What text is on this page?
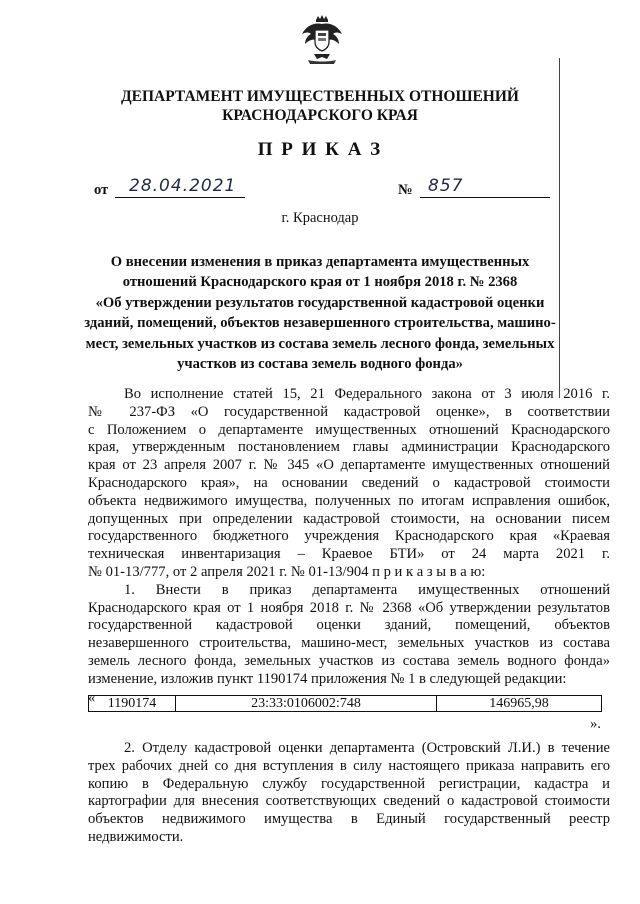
ДЕПАРТАМЕНТ ИМУЩЕСТВЕННЫХ ОТНОШЕНИЙ
КРАСНОДАРСКОГО КРАЯ
П Р И К А З
от 28.04.2021	№ 857
г. Краснодар
О внесении изменения в приказ департамента имущественных
отношений Краснодарского края от 1 ноября 2018 г. № 2368
«Об утверждении результатов государственной кадастровой оценки
зданий, помещений, объектов незавершенного строительства, машино-
мест, земельных участков из состава земель лесного фонда, земельных
участков из состава земель водного фонда»
Во исполнение статей 15, 21 Федерального закона от 3 июля 2016 г.
№ 237-ФЗ «О государственной кадастровой оценке», в соответствии
с Положением о департаменте имущественных отношений Краснодарского
края, утвержденным постановлением главы администрации Краснодарского
края от 23 апреля 2007 г. № 345 «О департаменте имущественных отношений
Краснодарского края», на основании сведений о кадастровой стоимости
объекта недвижимого имущества, полученных по итогам исправления ошибок,
допущенных при определении кадастровой стоимости, на основании писем
государственного бюджетного учреждения Краснодарского края «Краевая
техническая инвентаризация – Краевое БТИ» от 24 марта 2021 г.
№ 01-13/777, от 2 апреля 2021 г. № 01-13/904 п р и к а з ы в а ю:
1. Внести в приказ департамента имущественных отношений
Краснодарского края от 1 ноября 2018 г. № 2368 «Об утверждении результатов
государственной кадастровой оценки зданий, помещений, объектов
незавершенного строительства, машино-мест, земельных участков из состава
земель лесного фонда, земельных участков из состава земель водного фонда»
изменение, изложив пункт 1190174 приложения № 1 в следующей редакции:
« 1190174	23:33:0106002:748	146965,98
».
2. Отделу кадастровой оценки департамента (Островский Л.И.) в течение
трех рабочих дней со дня вступления в силу настоящего приказа направить его
копию в Федеральную службу государственной регистрации, кадастра и
картографии для внесения соответствующих сведений о кадастровой стоимости
объектов недвижимого имущества в Единый государственный реестр
недвижимости.
